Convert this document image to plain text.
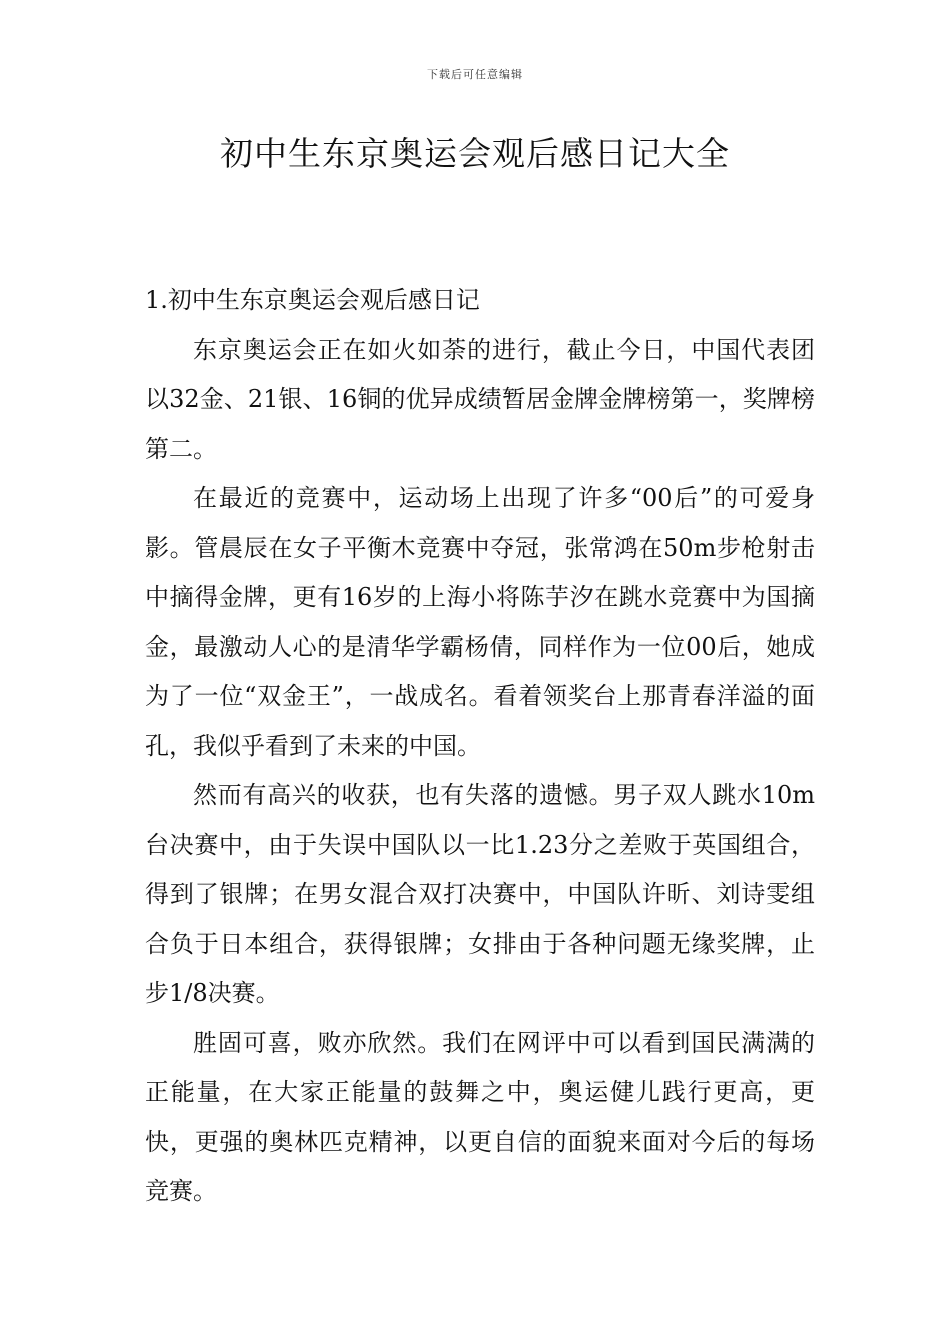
下载后可任意编辑
初中生东京奥运会观后感日记大全

1.初中生东京奥运会观后感日记

东京奥运会正在如火如荼的进行，截止今日，中国代表团以32金、21银、16铜的优异成绩暂居金牌金牌榜第一，奖牌榜第二。

在最近的竞赛中，运动场上出现了许多“00后”的可爱身影。管晨辰在女子平衡木竞赛中夺冠，张常鸿在50m步枪射击中摘得金牌，更有16岁的上海小将陈芋汐在跳水竞赛中为国摘金，最激动人心的是清华学霸杨倩，同样作为一位00后，她成为了一位“双金王”，一战成名。看着领奖台上那青春洋溢的面孔，我似乎看到了未来的中国。

然而有高兴的收获，也有失落的遗憾。男子双人跳水10m台决赛中，由于失误中国队以一比1.23分之差败于英国组合，得到了银牌；在男女混合双打决赛中，中国队许昕、刘诗雯组合负于日本组合，获得银牌；女排由于各种问题无缘奖牌，止步1/8决赛。

胜固可喜，败亦欣然。我们在网评中可以看到国民满满的正能量，在大家正能量的鼓舞之中，奥运健儿践行更高，更快，更强的奥林匹克精神，以更自信的面貌来面对今后的每场竞赛。
